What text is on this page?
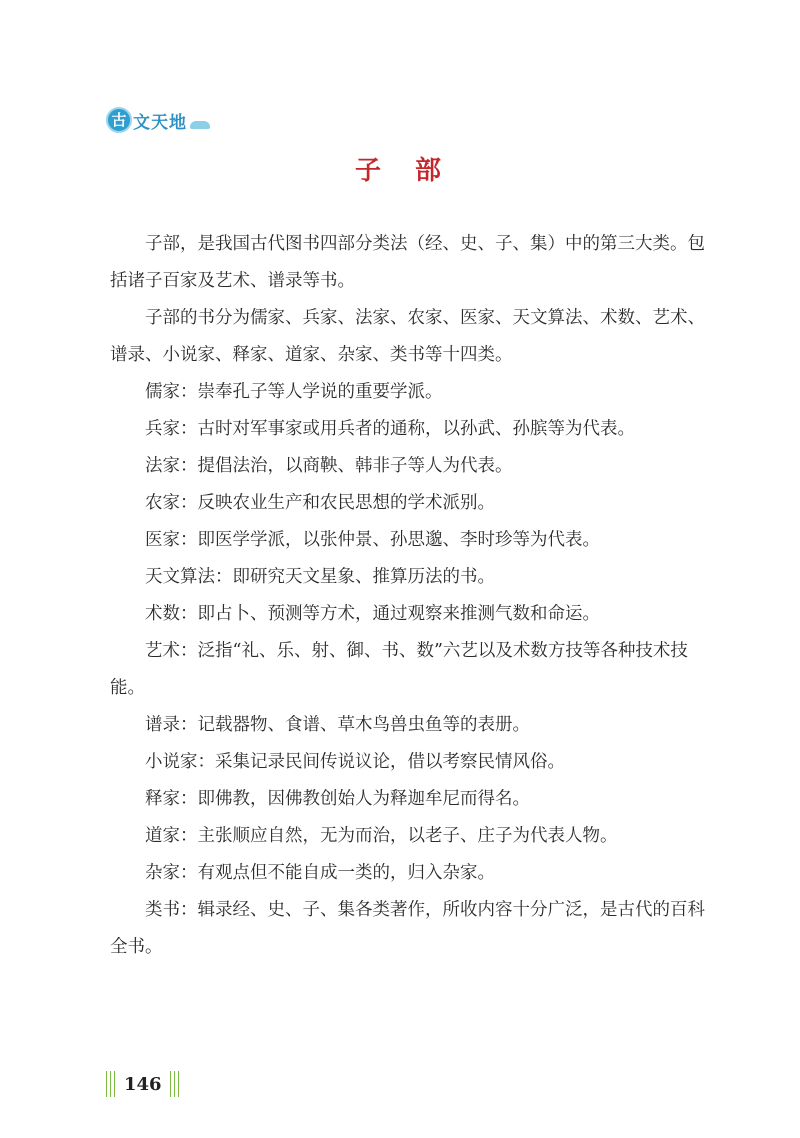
古 文天地
子　部

子部，是我国古代图书四部分类法（经、史、子、集）中的第三大类。包括诸子百家及艺术、谱录等书。

子部的书分为儒家、兵家、法家、农家、医家、天文算法、术数、艺术、谱录、小说家、释家、道家、杂家、类书等十四类。

儒家：崇奉孔子等人学说的重要学派。

兵家：古时对军事家或用兵者的通称，以孙武、孙膑等为代表。

法家：提倡法治，以商鞅、韩非子等人为代表。

农家：反映农业生产和农民思想的学术派别。

医家：即医学学派，以张仲景、孙思邈、李时珍等为代表。

天文算法：即研究天文星象、推算历法的书。

术数：即占卜、预测等方术，通过观察来推测气数和命运。

艺术：泛指“礼、乐、射、御、书、数”六艺以及术数方技等各种技术技能。

谱录：记载器物、食谱、草木鸟兽虫鱼等的表册。

小说家：采集记录民间传说议论，借以考察民情风俗。

释家：即佛教，因佛教创始人为释迦牟尼而得名。

道家：主张顺应自然，无为而治，以老子、庄子为代表人物。

杂家：有观点但不能自成一类的，归入杂家。

类书：辑录经、史、子、集各类著作，所收内容十分广泛，是古代的百科全书。

146
